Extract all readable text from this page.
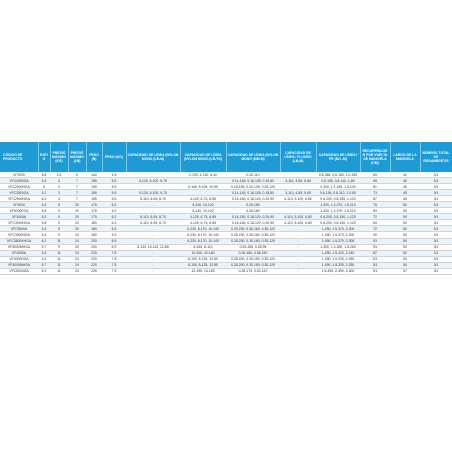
CÓDIGO DE PRODUCTO	RATIO	PRESIÓ MÁXIMO (KG)	PRESIÓ MÁXIMO (LB)	PESO (B)	PESO (KG)	CAPACIDAD DE LÍNEA (NYLON MONO (LB-M)	CAPACIDAD DE LÍNEA (NYLON MONO (LB-YD)	CAPACIDAD DE LÍNEA (NYLON MONO (MM-M)	CAPACIDAD DE LÍNEA / FLUORO (LB-M)	CAPACIDAD DE LÍNEA / PE (NO.-M)	RECUPERACIÓN POR VUELTA DE MANIVELA (CM)	LARGO DE LA MANIVELA	NÚMERO TOTAL DE RODAMIENTOS
VF2000	5.8	2.5	6	140	4.9		2-190, 4-130, 6-40	0.20-110		0.6-385, 0.8-180, 1.0-150	69	40	3/1
VFC2000GA	5.2	3	7	155	5.5	5-125, 6-100, 5-75		0.14-145, 0.16-105, 0.18-80	3-110, 4-85, 5-65	0.6-155, 0.8-110, 1-80	69	40	3/1
VFC2000HGA	6	3	7	155	5.5		6-165, 8-105, 10-95	0.18-155, 0.20-105, 0.25-120		0.300, 1.2-180, 1.5-140	81	45	3/1
VFC2500GA	5.2	3	7	155	5.5	5-125, 6-100, 5-75		0.14-145, 0.16-105, 0.18-80	3-110, 4-85, 5-65	0.6-155, 0.8-110, 1.0-80	73	45	3/1
VFC2500HGA	6.3	3	7	155	5.5	5-110, 6-95, 8-70	4-125, 6-75, 8-55	0.16-150, 0.18-120, 0.20-90	4-110, 5-100, 6-80	0.6-200, 0.8-150, 1-120	87	45	3/1
VF3000	6.2	9	20	175	6.2	-	8-140, 10-120	0.25-160	-	1-320, 1.2-270, 1.5-210	76	50	3/1
VF3000PGA	5.8	9	20	175	6.2	-	8-140, 10-120	0.25-160	-	1-320, 1.2-270, 1.5-210	84	50	3/1
VF3000A	5.2	9	20	175	6.2	5-110, 6-95, 8-70	4-125, 6-75, 8-55	0.16-150, 0.18-120, 0.20-90	4-110, 5-100, 6-80	0.6-200, 0.8-150, 1-120	72	50	3/1
VFC3000HGA	5.8	9	20	180	6.3	5-110, 6-95, 8-70	4-125, 6-75, 8-55	0.16-150, 0.18-120, 0.20-90	4-110, 5-100, 6-80	0.6-200, 0.8-150, 1-120	84	50	3/1
VFC3000A	5.2	9	20	180	6.3	-	6-230, 8-170, 10-140	0.25-230, 0.30-160, 0.35-120	-	1-490, 1.5-370, 2-300	72	50	3/1
VFC3000HGA	6.4	9	20	180	6.3	-	6-230, 8-170, 10-140	0.25-230, 0.30-160, 0.35-120	-	1-490, 1.5-370, 2-300	90	50	3/1
VFC3500XHGA	6.2	11	24	200	6.9	-	6-230, 8-170, 10-140	0.25-230, 0.30-160, 0.35-120	-	1-490, 1.5-370, 2-300	93	50	3/1
VF3000MHGA	5.7	9	20	200	6.9	8-130, 10-110, 12-85	6-155, 8-110	0.25-155, 0.28-95	-	1-390, 1.2-330, 1.5-260	93	50	3/1
VF4000A	5.2	11	24	215	7.6	-	10-200, 12-160	0.30-180, 0.35-150	-	1-490, 1.5-320, 2-240	87	50	3/1
VF4000HGA	6.2	11	24	220	7.8	-	6-190, 8-125, 12-80	0.28-200, 0.30-150, 0.35-120	-	1-490, 1.5-330, 2-250	3/1	50	3/1
VF4000MHGA	5.7	11	24	220	7.8	-	6-190, 8-125, 12-80	0.28-200, 0.30-150, 0.35-120	-	1-490, 1.5-330, 2-250	3/1	50	3/1
VFC5000GA	6.2	11	24	225	7.9	-	12-195, 14-165	0.35-175, 0.40-120	-	1.5-490, 2-390, 3-300	3/1	57	3/1
